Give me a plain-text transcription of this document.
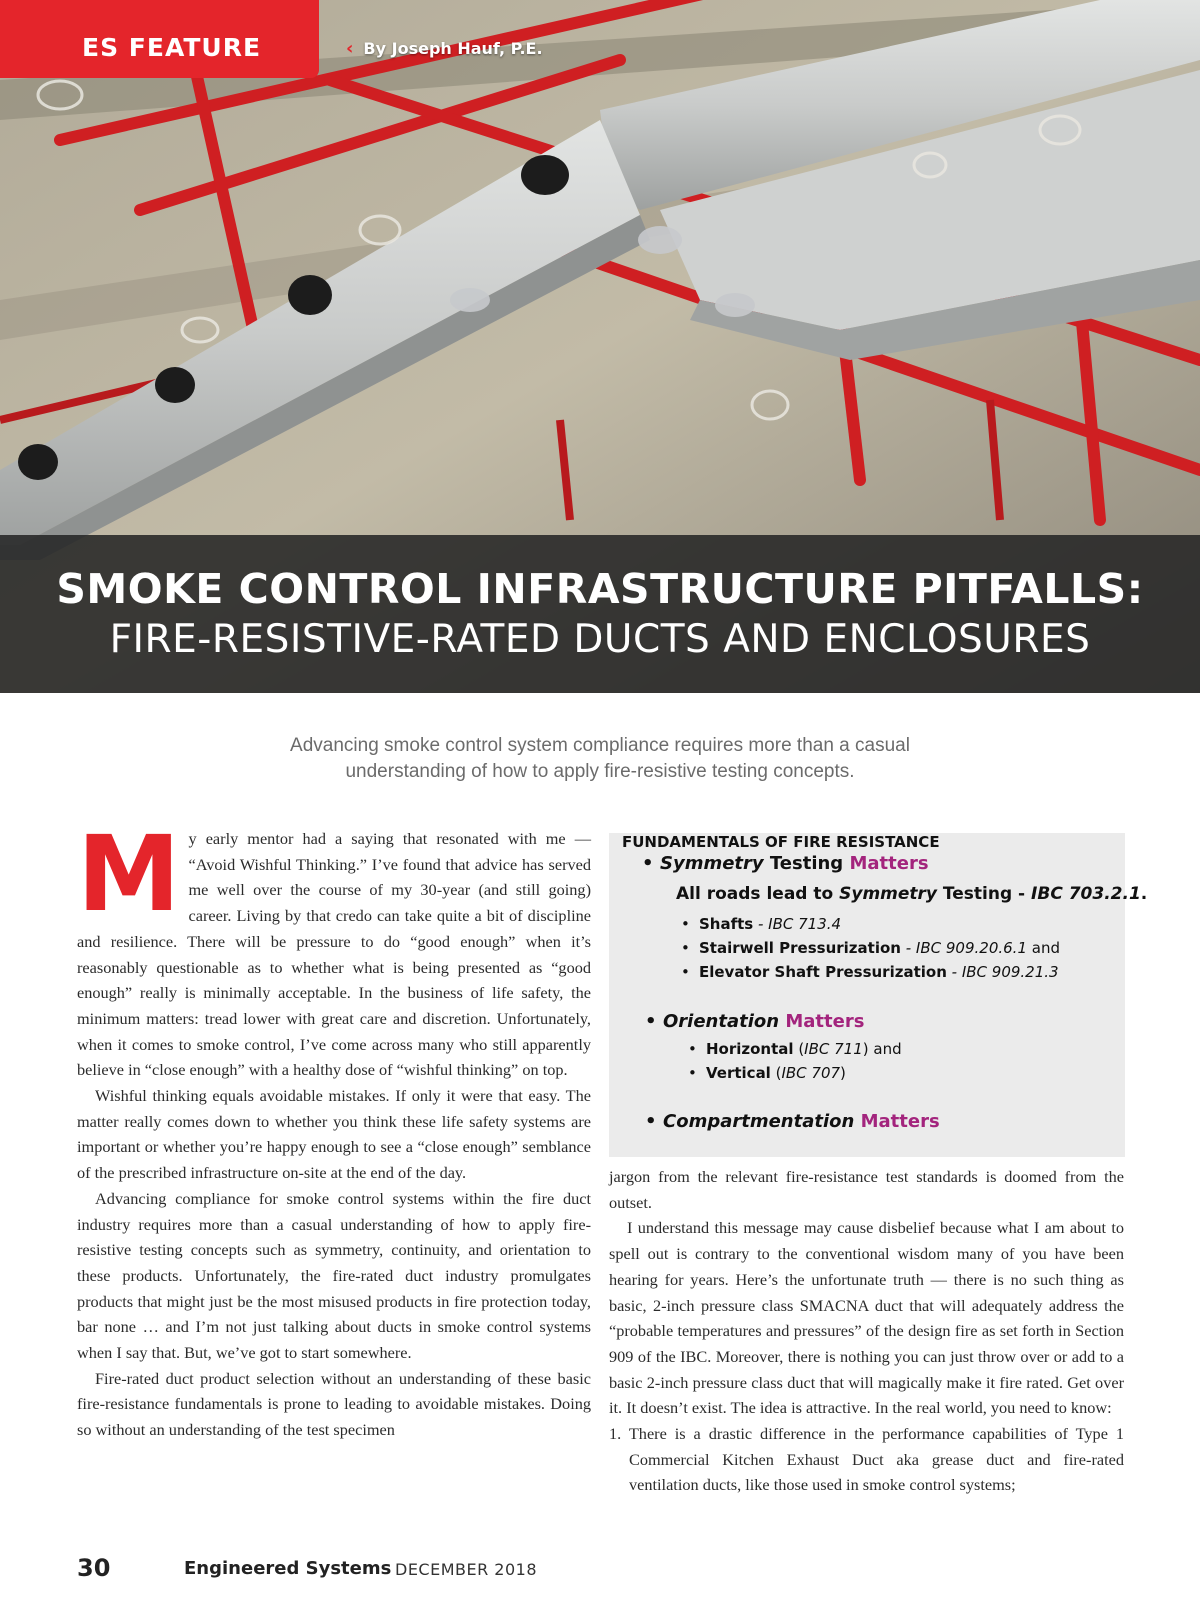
ES FEATURE	‹ By Joseph Hauf, P.E.
SMOKE CONTROL INFRASTRUCTURE PITFALLS:
FIRE-RESISTIVE-RATED DUCTS AND ENCLOSURES
Advancing smoke control system compliance requires more than a casual
understanding of how to apply fire-resistive testing concepts.

My early mentor had a saying that resonated with me — “Avoid Wishful Thinking.” I’ve found that advice has served me well over the course of my 30-year (and still going) career. Living by that credo can take quite a bit of discipline and resilience. There will be pressure to do “good enough” when it’s reasonably questionable as to whether what is being presented as “good enough” really is minimally acceptable. In the business of life safety, the minimum matters: tread lower with great care and discretion. Unfortunately, when it comes to smoke control, I’ve come across many who still apparently believe in “close enough” with a healthy dose of “wishful thinking” on top.

Wishful thinking equals avoidable mistakes. If only it were that easy. The matter really comes down to whether you think these life safety systems are important or whether you’re happy enough to see a “close enough” semblance of the prescribed infrastructure on-site at the end of the day.

Advancing compliance for smoke control systems within the fire duct industry requires more than a casual understanding of how to apply fire-resistive testing concepts such as symmetry, continuity, and orientation to these products. Unfortunately, the fire-rated duct industry promulgates products that might just be the most misused products in fire protection today, bar none … and I’m not just talking about ducts in smoke control systems when I say that. But, we’ve got to start somewhere.

Fire-rated duct product selection without an understanding of these basic fire-resistance fundamentals is prone to leading to avoidable mistakes. Doing so without an understanding of the test specimen

FUNDAMENTALS OF FIRE RESISTANCE
• Symmetry Testing Matters
All roads lead to Symmetry Testing - IBC 703.2.1.
• Shafts - IBC 713.4
• Stairwell Pressurization - IBC 909.20.6.1 and
• Elevator Shaft Pressurization - IBC 909.21.3
• Orientation Matters
• Horizontal (IBC 711) and
• Vertical (IBC 707)
• Compartmentation Matters

jargon from the relevant fire-resistance test standards is doomed from the outset.

I understand this message may cause disbelief because what I am about to spell out is contrary to the conventional wisdom many of you have been hearing for years. Here’s the unfortunate truth — there is no such thing as basic, 2-inch pressure class SMACNA duct that will adequately address the “probable temperatures and pressures” of the design fire as set forth in Section 909 of the IBC. Moreover, there is nothing you can just throw over or add to a basic 2-inch pressure class duct that will magically make it fire rated. Get over it. It doesn’t exist. The idea is attractive. In the real world, you need to know:

1. There is a drastic difference in the performance capabilities of Type 1 Commercial Kitchen Exhaust Duct aka grease duct and fire-rated ventilation ducts, like those used in smoke control systems;
30	Engineered Systems DECEMBER 2018
